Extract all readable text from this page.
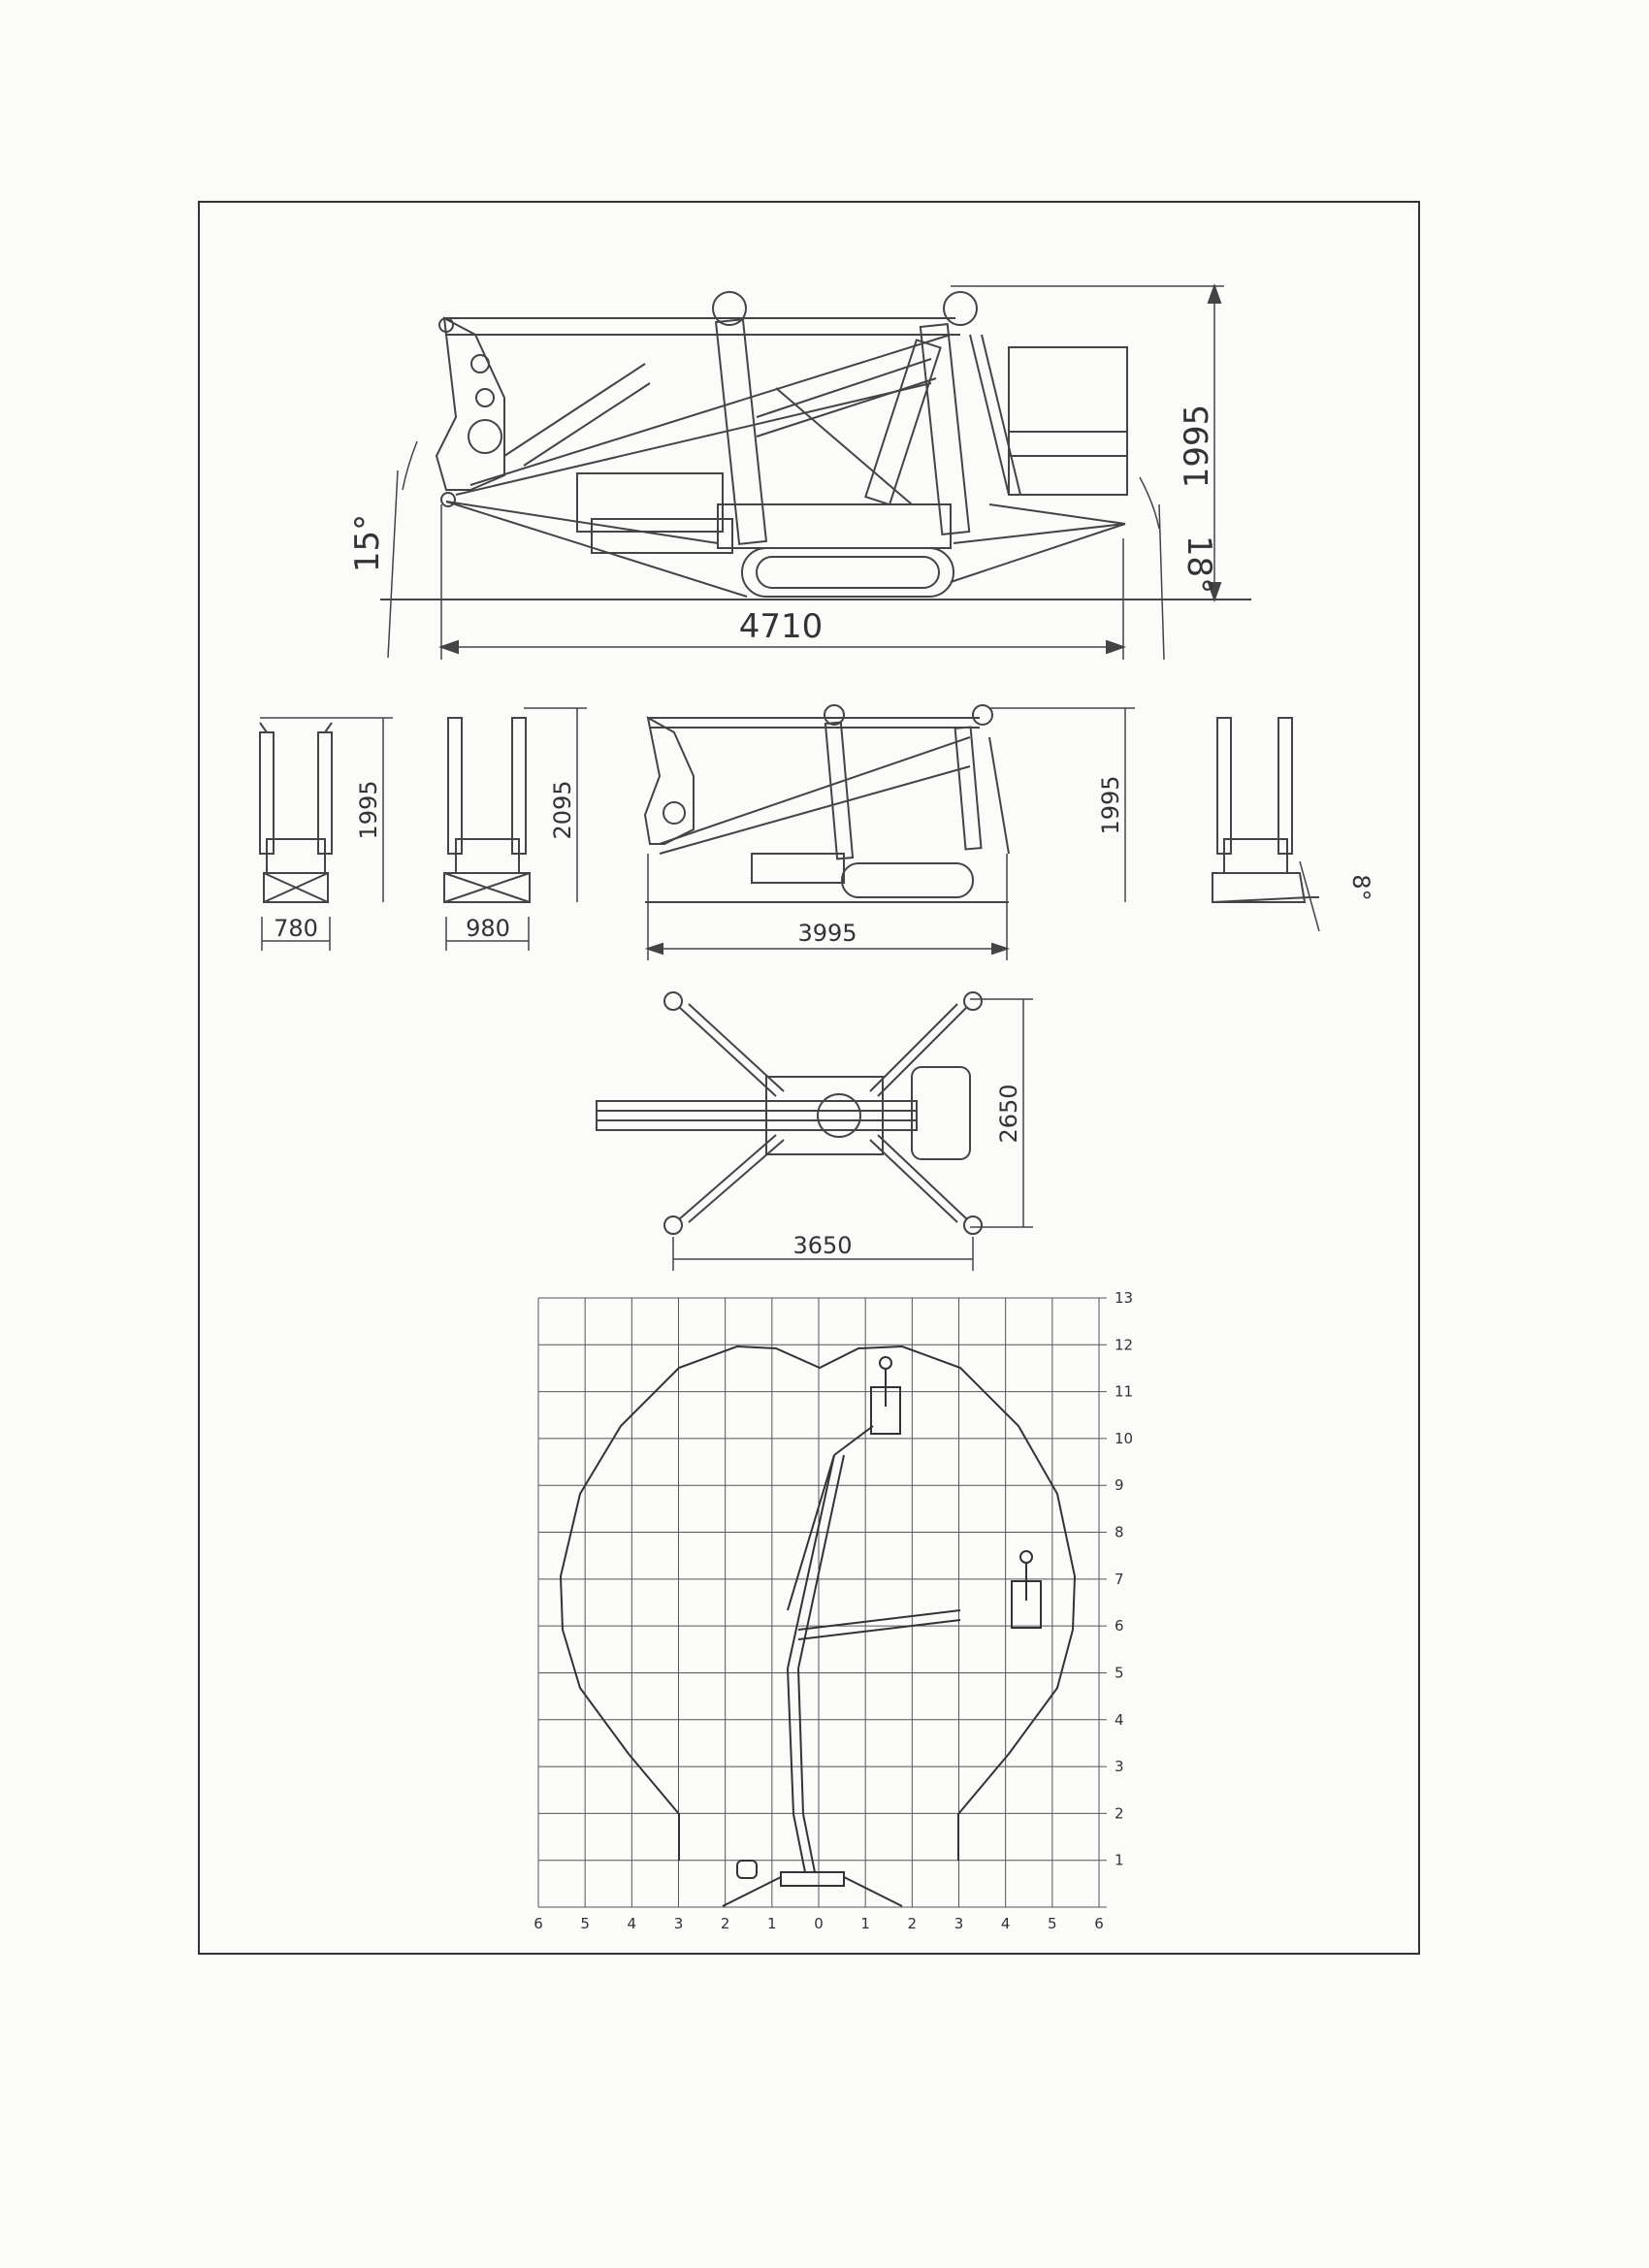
4710
1995
15°	18°
780
1995
980
2095
3995
1995
8°
2650
3650
6	5	4	3	2	1	0	1	2	3	4	5	6
1
2
3
4
5
6
7
8
9
10
11
12
13
